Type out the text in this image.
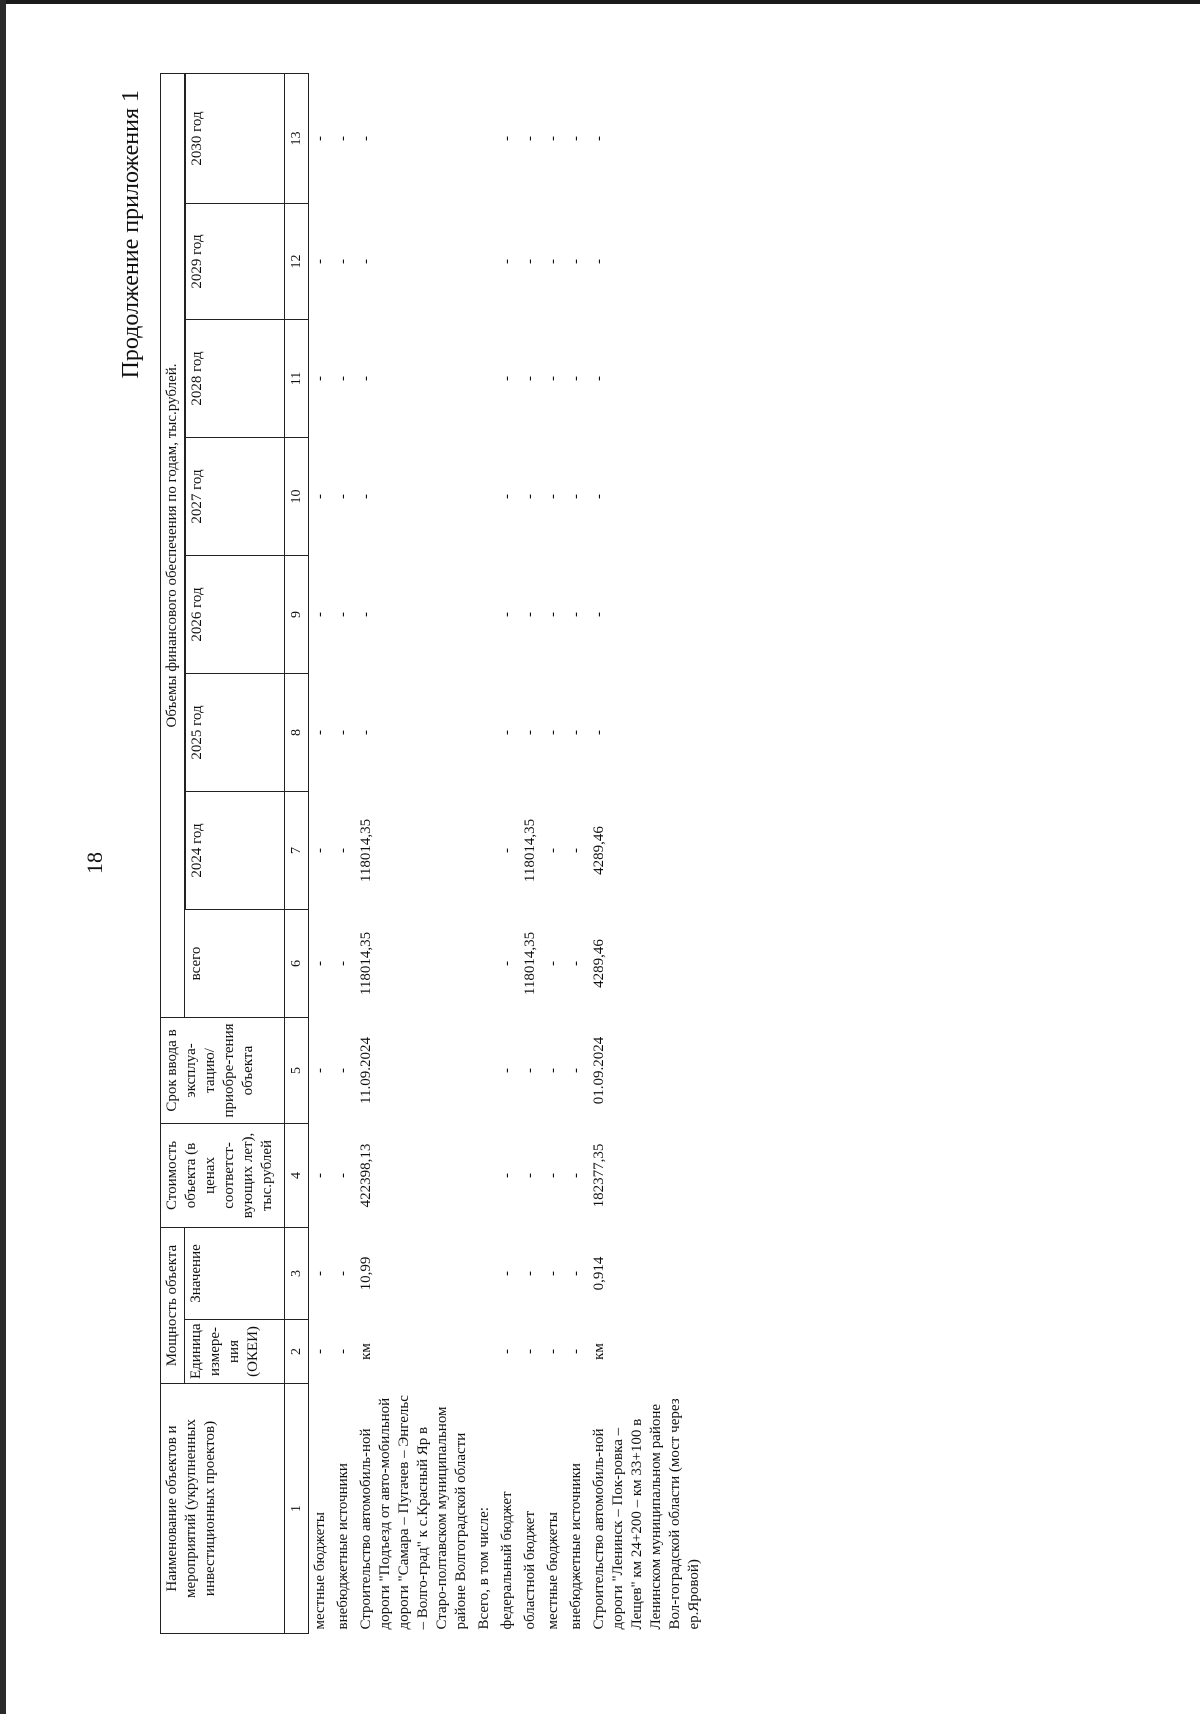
18
Продолжение приложения 1
Наименование объектов и мероприятий (укрупненных инвестиционных проектов)	Мощность объекта		Стоимость объекта (в ценах соответст-вующих лет), тыс.рублей	Срок ввода в эксплуа-тацию/ приобре-тения объекта	Объемы финансового обеспечения по годам, тыс.рублей.							
	Единица измере-ния (ОКЕИ)	Значение			всего							
						2024 год	2025 год	2026 год	2027 год	2028 год	2029 год	2030 год
1	2	3	4	5	6	7	8	9	10	11	12	13
местные бюджеты	-	-	-	-	-	-	-	-	-	-	-	-
внебюджетные источники	-	-	-	-	-	-	-	-	-	-	-	-
Строительство автомобиль-ной дороги "Подъезд от авто-мобильной дороги "Самара – Пугачев – Энгельс – Волго-град" к с.Красный Яр в Старо-полтавском муниципальном районе Волгоградской области	км	10,99	422398,13	11.09.2024	118014,35	118014,35	-	-	-	-	-	-
Всего, в том числе:												
федеральный бюджет	-	-	-	-	-	-	-	-	-	-	-	-
областной бюджет	-	-	-	-	118014,35	118014,35	-	-	-	-	-	-
местные бюджеты	-	-	-	-	-	-	-	-	-	-	-	-
внебюджетные источники	-	-	-	-	-	-	-	-	-	-	-	-
Строительство автомобиль-ной дороги "Ленинск – Пок-ровка – Лещев" км 24+200 – км 33+100 в Ленинском муниципальном районе Вол-гоградской области (мост через ер.Яровой)	км	0,914	182377,35	01.09.2024	4289,46	4289,46	-	-	-	-	-	-
